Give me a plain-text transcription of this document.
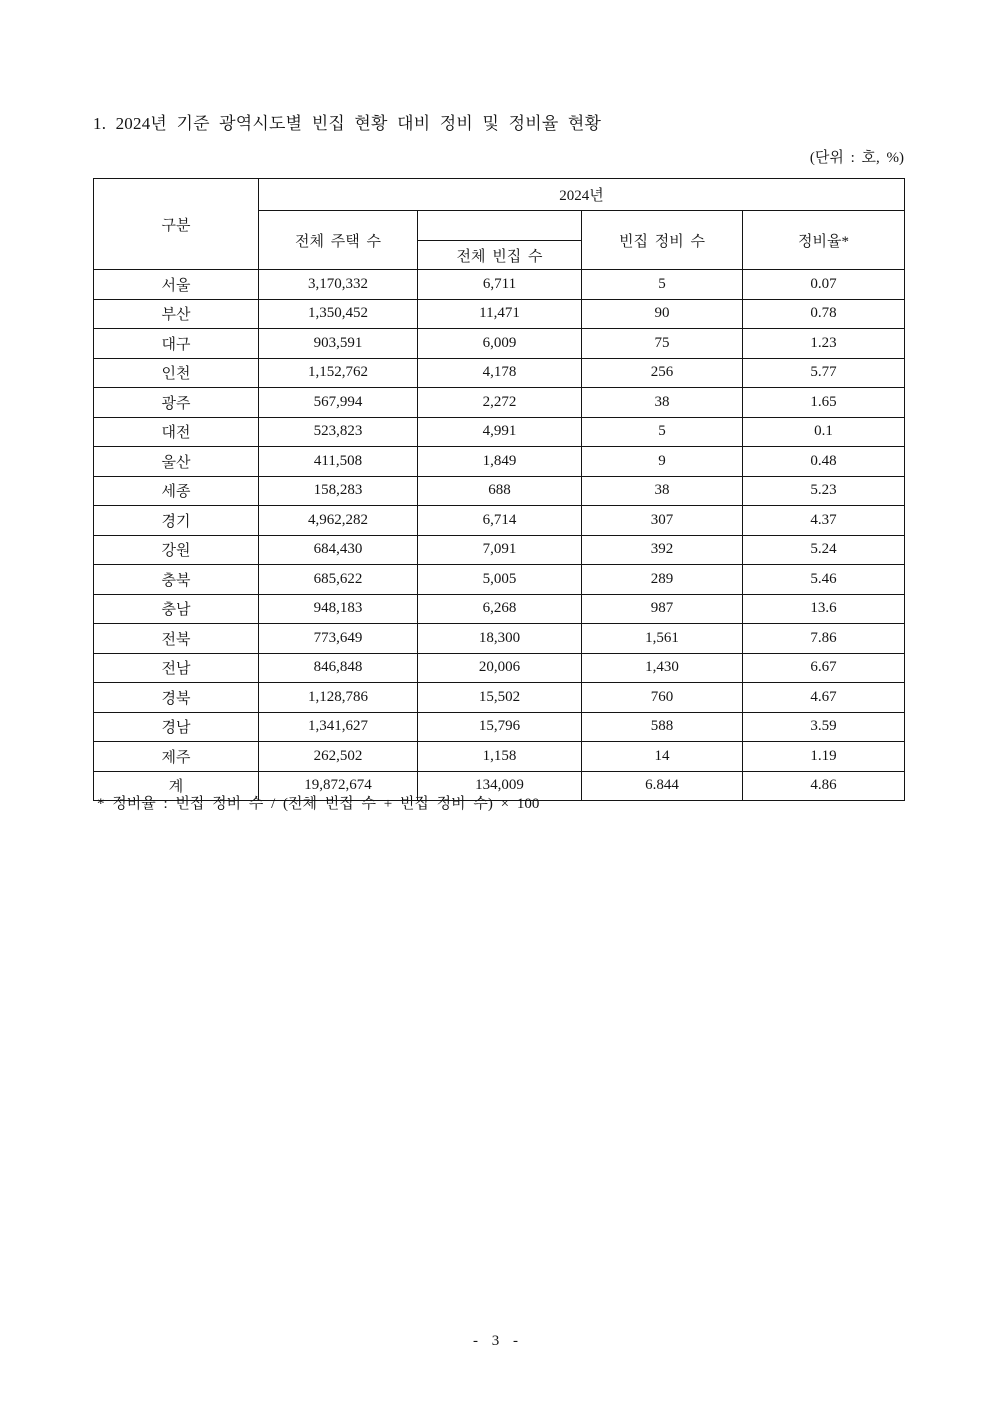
1. 2024년 기준 광역시도별 빈집 현황 대비 정비 및 정비율 현황
(단위 : 호, %)
구분	2024년			
	전체 주택 수		빈집 정비 수	정비율*
		전체 빈집 수		
서울	3,170,332	6,711	5	0.07
부산	1,350,452	11,471	90	0.78
대구	903,591	6,009	75	1.23
인천	1,152,762	4,178	256	5.77
광주	567,994	2,272	38	1.65
대전	523,823	4,991	5	0.1
울산	411,508	1,849	9	0.48
세종	158,283	688	38	5.23
경기	4,962,282	6,714	307	4.37
강원	684,430	7,091	392	5.24
충북	685,622	5,005	289	5.46
충남	948,183	6,268	987	13.6
전북	773,649	18,300	1,561	7.86
전남	846,848	20,006	1,430	6.67
경북	1,128,786	15,502	760	4.67
경남	1,341,627	15,796	588	3.59
제주	262,502	1,158	14	1.19
계	19,872,674	134,009	6.844	4.86
* 정비율 : 빈집 정비 수 / (전체 빈집 수 + 빈집 정비 수) × 100
- 3 -
